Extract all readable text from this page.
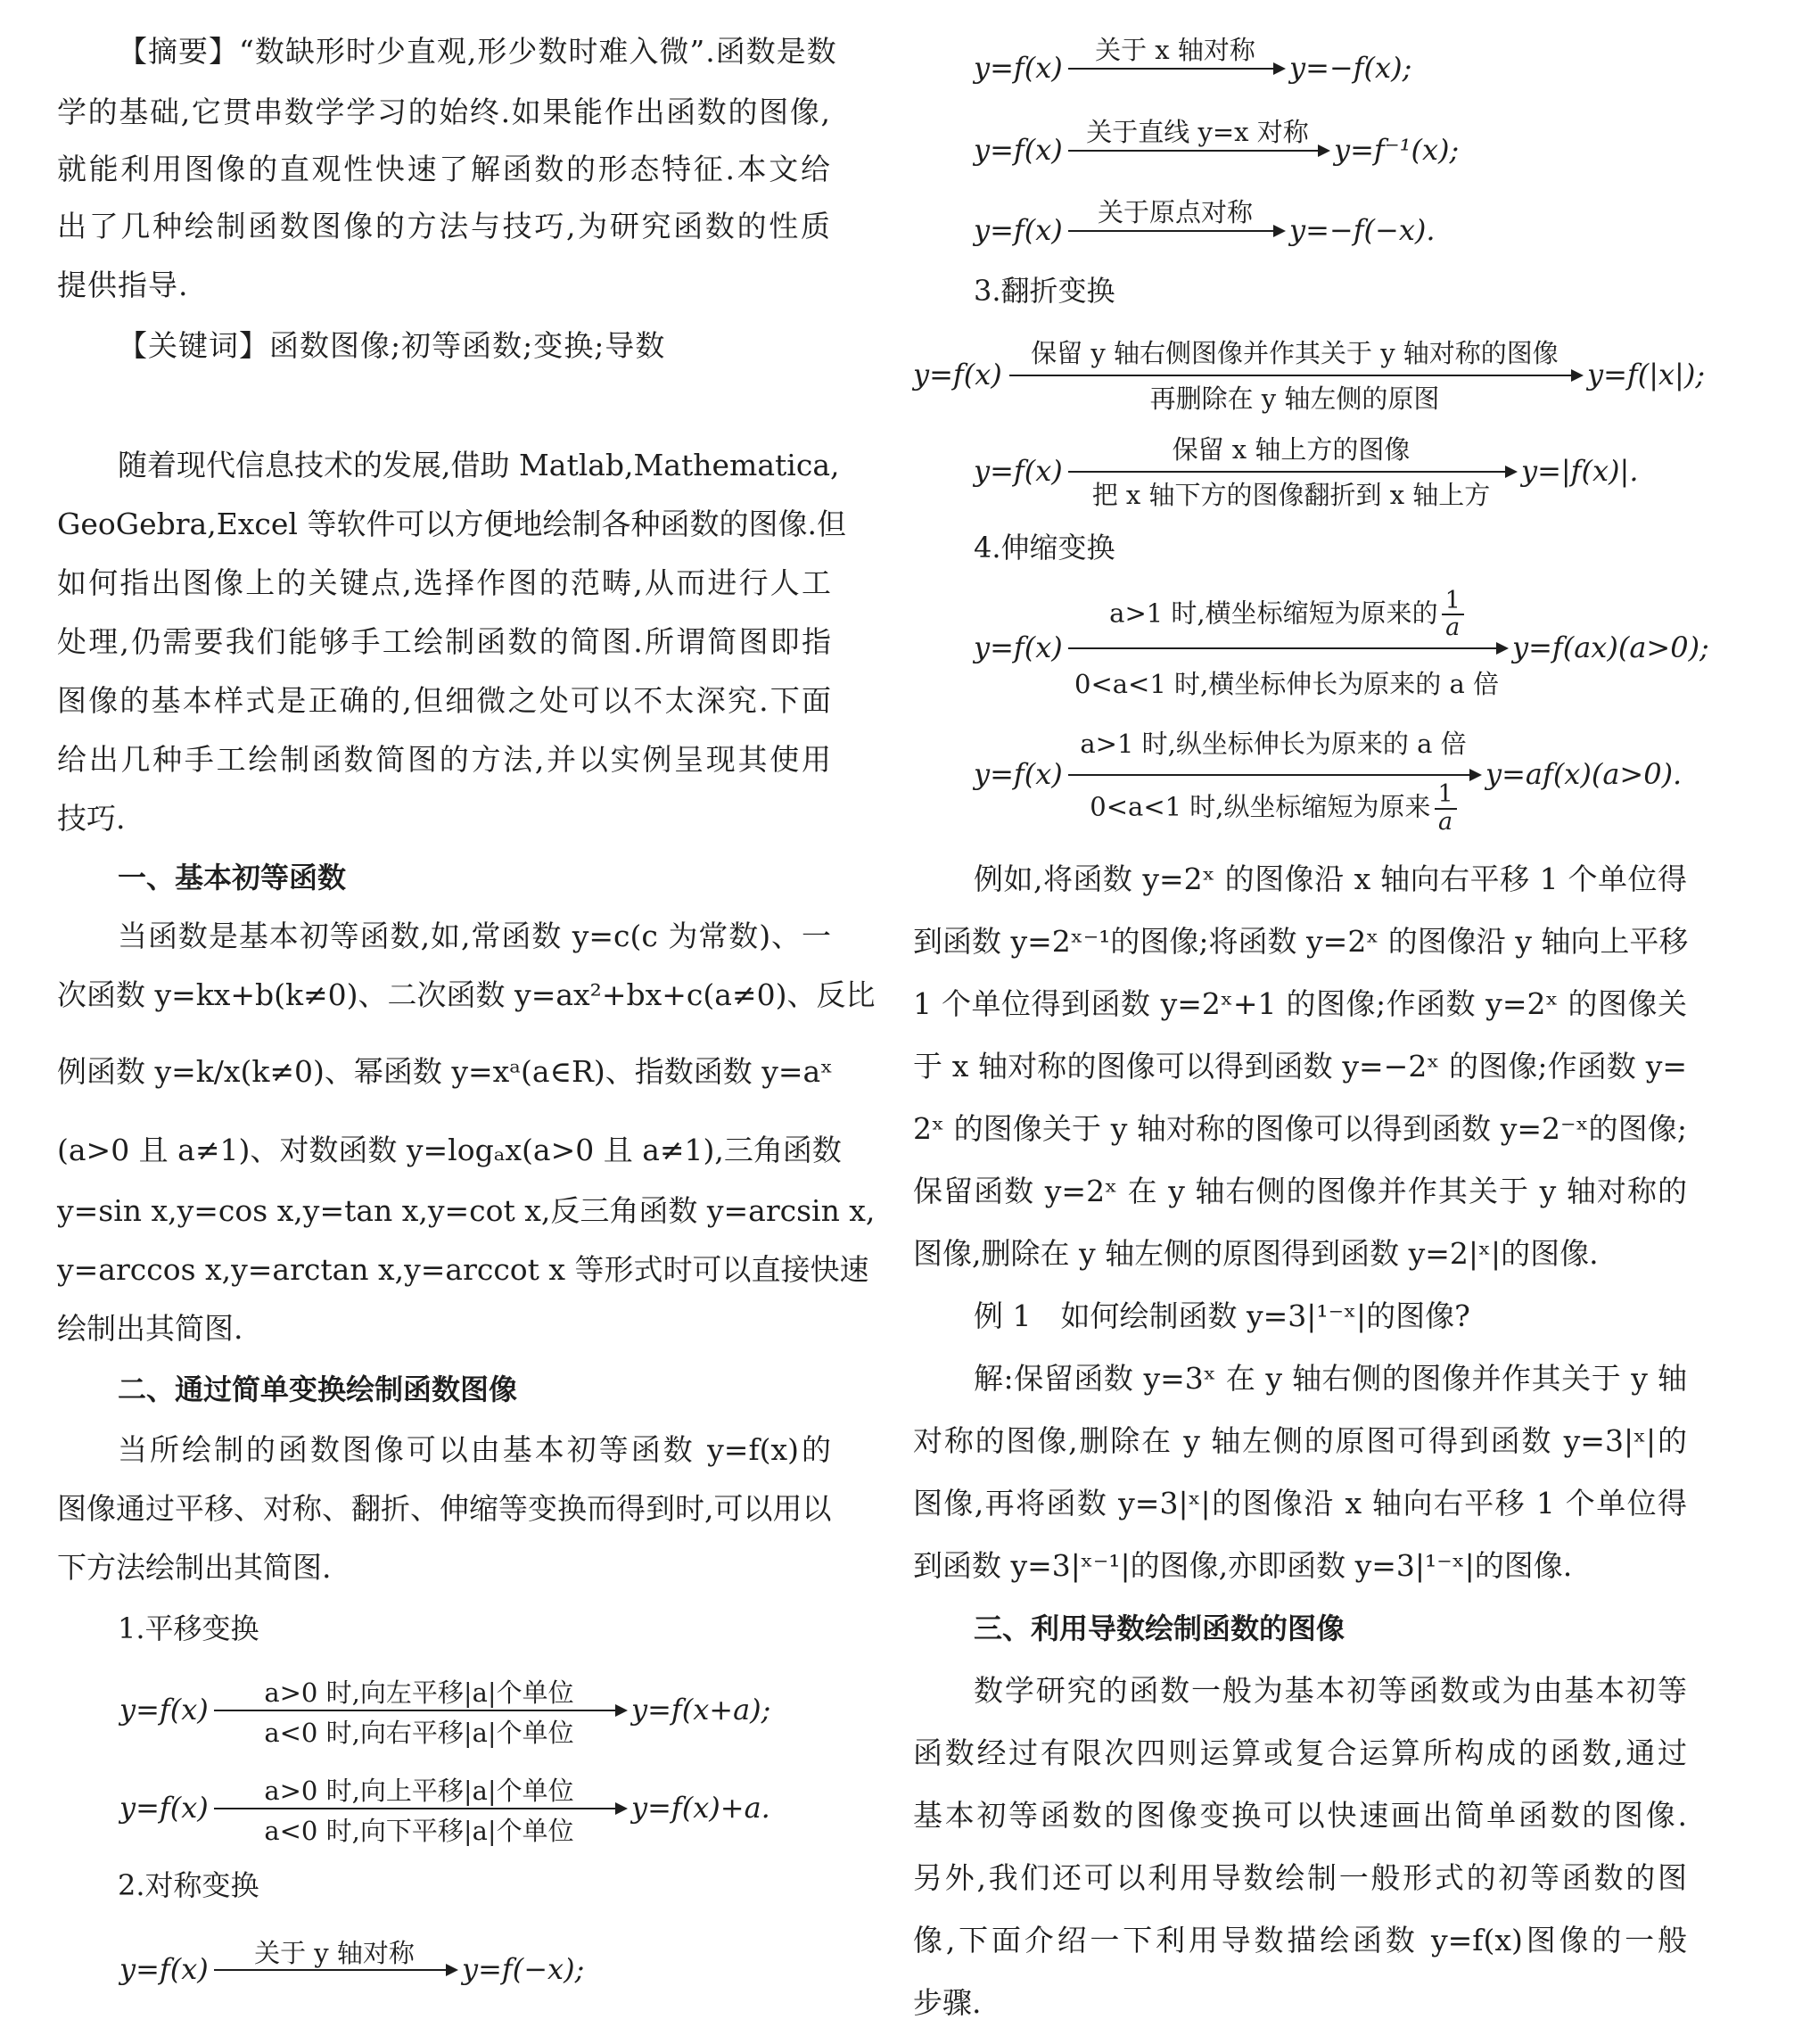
【摘要】“数缺形时少直观,形少数时难入微”.函数是数
学的基础,它贯串数学学习的始终.如果能作出函数的图像,
就能利用图像的直观性快速了解函数的形态特征.本文给
出了几种绘制函数图像的方法与技巧,为研究函数的性质
提供指导.
【关键词】函数图像;初等函数;变换;导数
随着现代信息技术的发展,借助 Matlab,Mathematica,
GeoGebra,Excel 等软件可以方便地绘制各种函数的图像.但
如何指出图像上的关键点,选择作图的范畴,从而进行人工
处理,仍需要我们能够手工绘制函数的简图.所谓简图即指
图像的基本样式是正确的,但细微之处可以不太深究.下面
给出几种手工绘制函数简图的方法,并以实例呈现其使用
技巧.
一、基本初等函数
当函数是基本初等函数,如,常函数 y=c(c 为常数)、一
次函数 y=kx+b(k≠0)、二次函数 y=ax²+bx+c(a≠0)、反比
例函数 y=k/x(k≠0)、幂函数 y=xᵃ(a∈R)、指数函数 y=aˣ
(a>0 且 a≠1)、对数函数 y=logₐx(a>0 且 a≠1),三角函数
y=sin x,y=cos x,y=tan x,y=cot x,反三角函数 y=arcsin x,
y=arccos x,y=arctan x,y=arccot x 等形式时可以直接快速
绘制出其简图.
二、通过简单变换绘制函数图像
当所绘制的函数图像可以由基本初等函数 y=f(x)的
图像通过平移、对称、翻折、伸缩等变换而得到时,可以用以
下方法绘制出其简图.
1.平移变换
y=f(x)	a>0 时,向左平移|a|个单位
a<0 时,向右平移|a|个单位
y=f(x+a);
y=f(x)	a>0 时,向上平移|a|个单位
a<0 时,向下平移|a|个单位
y=f(x)+a.
2.对称变换
y=f(x)	关于 y 轴对称	y=f(−x);
y=f(x)
关于 x 轴对称
y=−f(x);
y=f(x)
关于直线 y=x 对称
y=f⁻¹(x);
y=f(x)
关于原点对称
y=−f(−x).
3.翻折变换
y=f(x)
保留 y 轴右侧图像并作其关于 y 轴对称的图像
再删除在 y 轴左侧的原图
y=f(|x|);
y=f(x)
保留 x 轴上方的图像
把 x 轴下方的图像翻折到 x 轴上方
y=|f(x)|.
4.伸缩变换
y=f(x)
a>1 时,横坐标缩短为原来的 $\frac{1}{a}$
0<a<1 时,横坐标伸长为原来的 a 倍
y=f(ax)(a>0);
y=f(x)
a>1 时,纵坐标伸长为原来的 a 倍
0<a<1 时,纵坐标缩短为原来 $\frac{1}{a}$
y=af(x)(a>0).
例如,将函数 y=2ˣ 的图像沿 x 轴向右平移 1 个单位得
到函数 y=2ˣ⁻¹的图像;将函数 y=2ˣ 的图像沿 y 轴向上平移
1 个单位得到函数 y=2ˣ+1 的图像;作函数 y=2ˣ 的图像关
于 x 轴对称的图像可以得到函数 y=−2ˣ 的图像;作函数 y=
2ˣ 的图像关于 y 轴对称的图像可以得到函数 y=2⁻ˣ的图像;
保留函数 y=2ˣ 在 y 轴右侧的图像并作其关于 y 轴对称的
图像,删除在 y 轴左侧的原图得到函数 y=2|ˣ|的图像.
例 1　如何绘制函数 y=3|¹⁻ˣ|的图像?
解:保留函数 y=3ˣ 在 y 轴右侧的图像并作其关于 y 轴
对称的图像,删除在 y 轴左侧的原图可得到函数 y=3|ˣ|的
图像,再将函数 y=3|ˣ|的图像沿 x 轴向右平移 1 个单位得
到函数 y=3|ˣ⁻¹|的图像,亦即函数 y=3|¹⁻ˣ|的图像.
三、利用导数绘制函数的图像
数学研究的函数一般为基本初等函数或为由基本初等
函数经过有限次四则运算或复合运算所构成的函数,通过
基本初等函数的图像变换可以快速画出简单函数的图像.
另外,我们还可以利用导数绘制一般形式的初等函数的图
像,下面介绍一下利用导数描绘函数 y=f(x)图像的一般
步骤.
